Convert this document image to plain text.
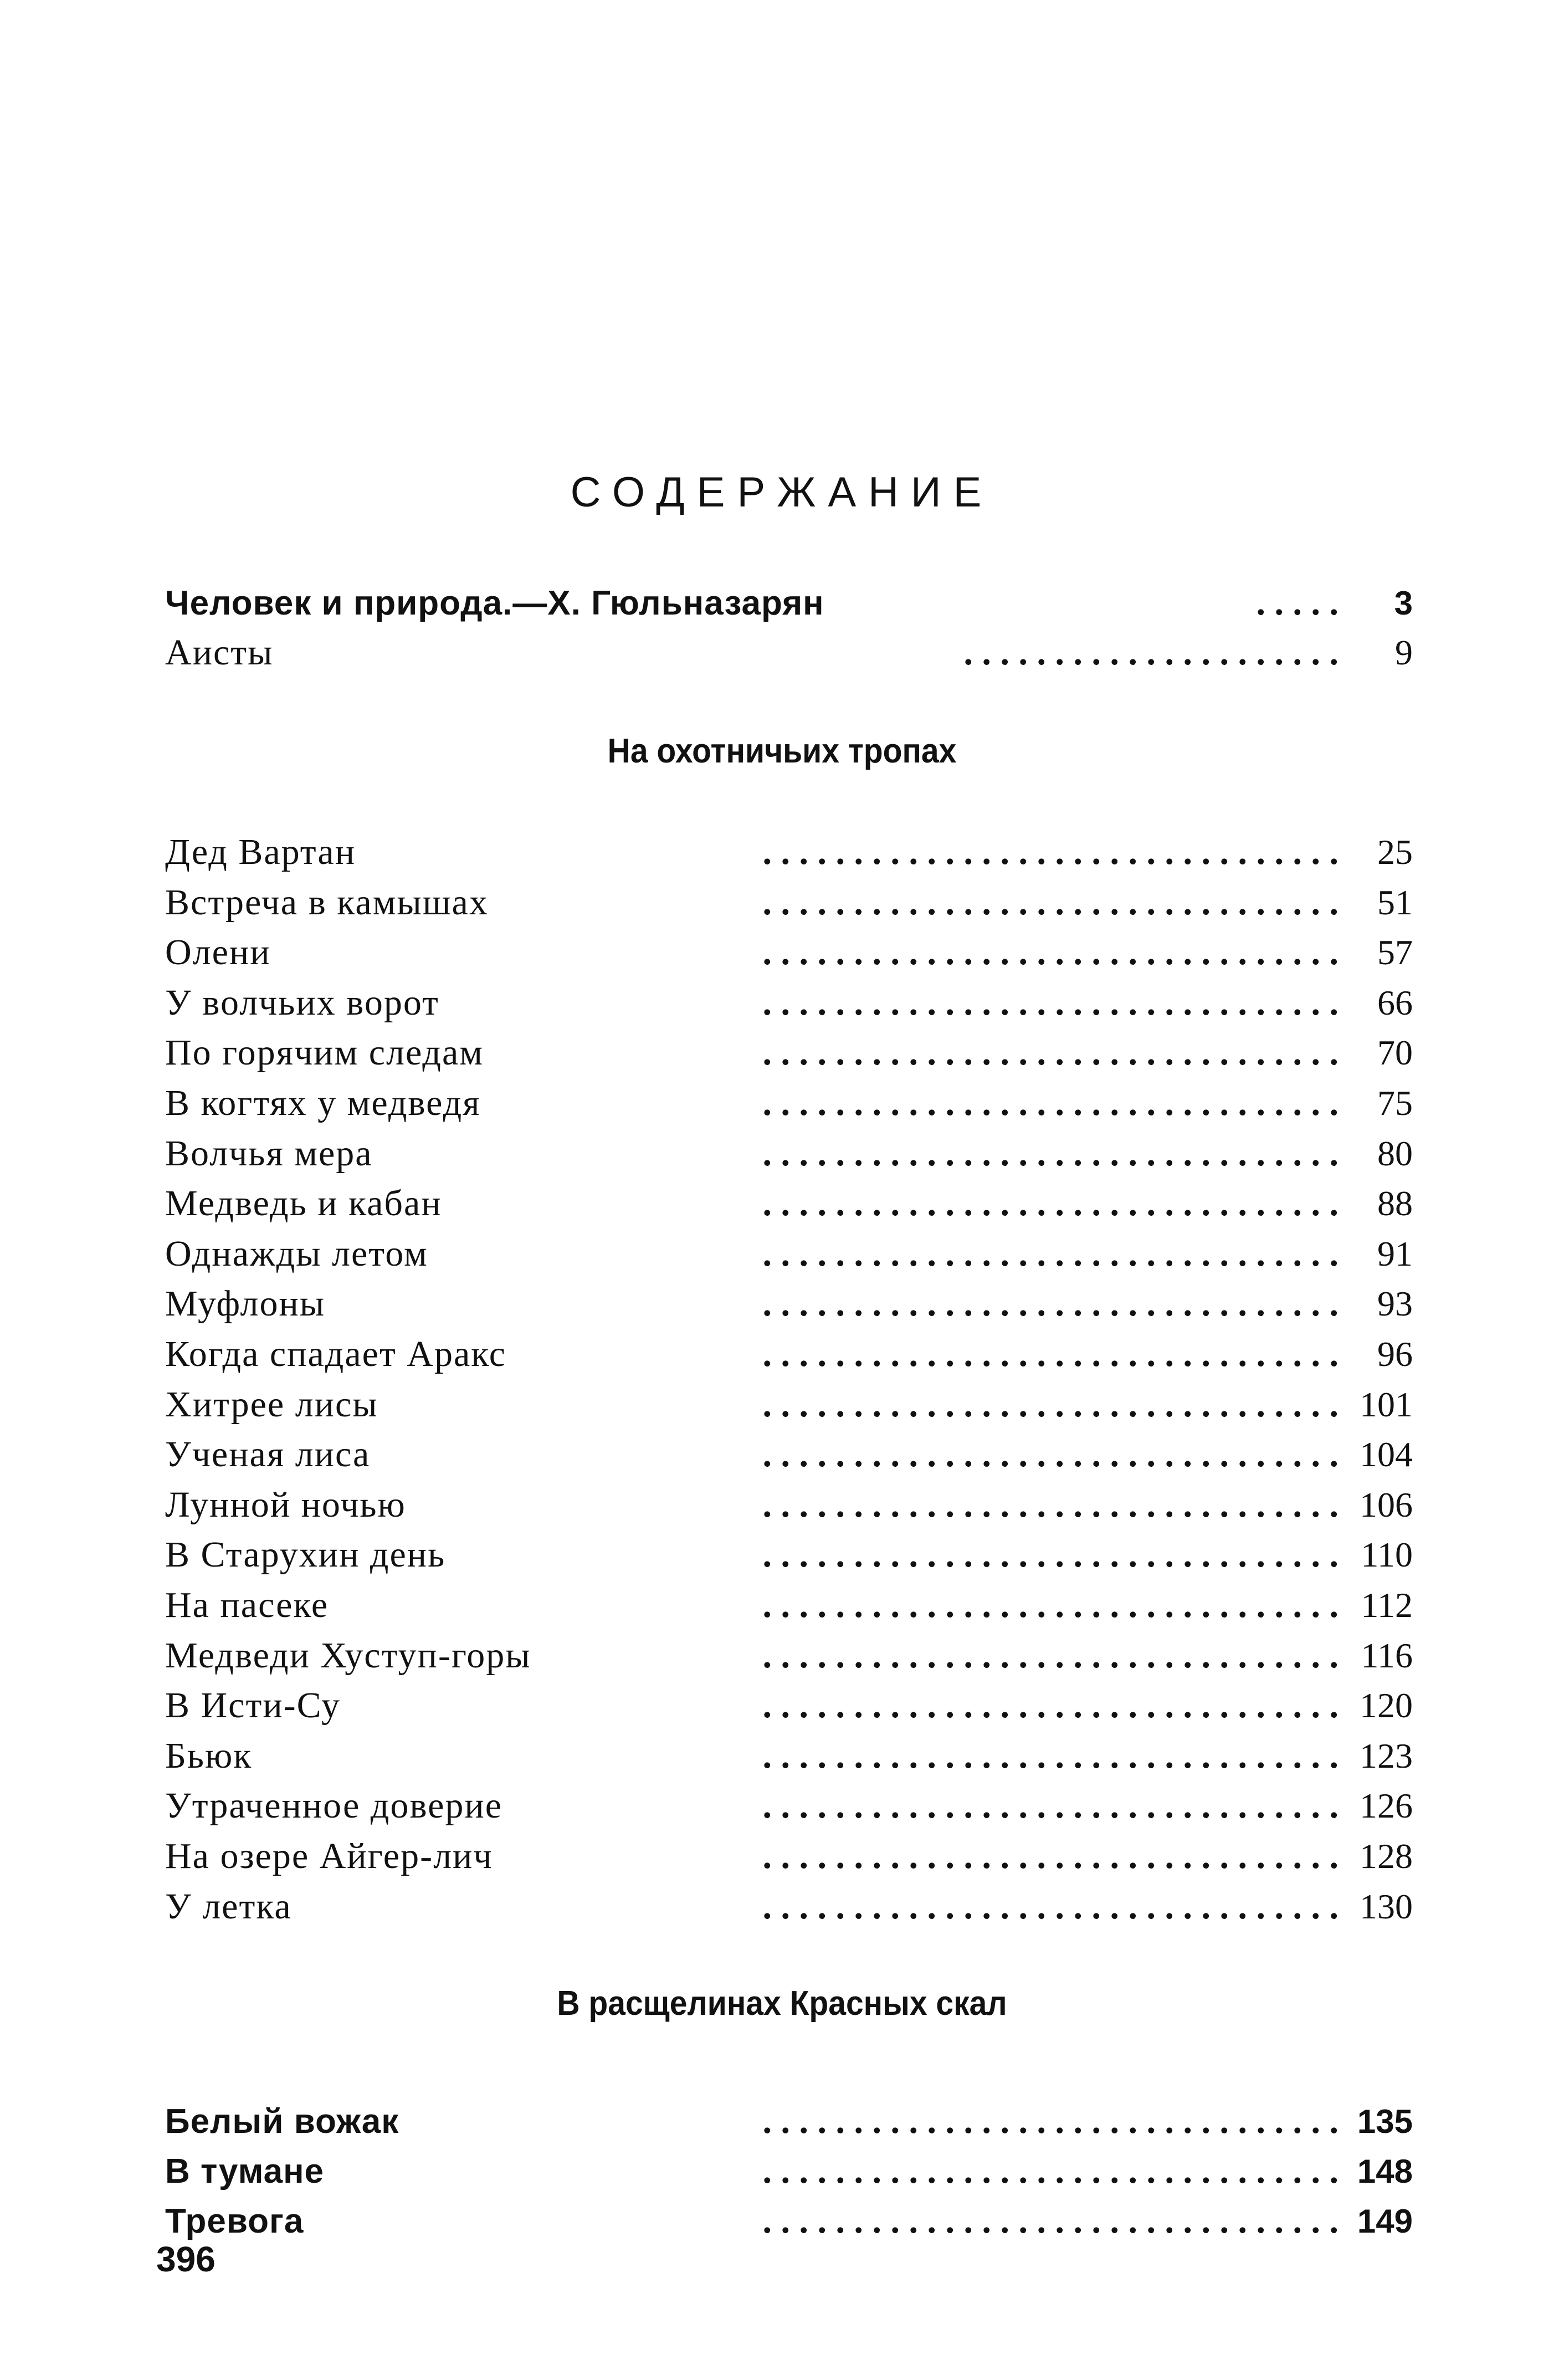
СОДЕРЖАНИЕ
Человек и природа.—Х. Гюльназарян	. . . . .	3
Аисты	. . . . . . . . . . . . . . . . . . . . .	9
На охотничьих тропах
Дед Вартан	. . . . . . . . . . . . . . . . . . . . . . . . . . . . . . . .	25
Встреча в камышах	. . . . . . . . . . . . . . . . . . . . . . . . . . . . . . . .	51
Олени	. . . . . . . . . . . . . . . . . . . . . . . . . . . . . . . .	57
У волчьих ворот	. . . . . . . . . . . . . . . . . . . . . . . . . . . . . . . .	66
По горячим следам	. . . . . . . . . . . . . . . . . . . . . . . . . . . . . . . .	70
В когтях у медведя	. . . . . . . . . . . . . . . . . . . . . . . . . . . . . . . .	75
Волчья мера	. . . . . . . . . . . . . . . . . . . . . . . . . . . . . . . .	80
Медведь и кабан	. . . . . . . . . . . . . . . . . . . . . . . . . . . . . . . .	88
Однажды летом	. . . . . . . . . . . . . . . . . . . . . . . . . . . . . . . .	91
Муфлоны	. . . . . . . . . . . . . . . . . . . . . . . . . . . . . . . .	93
Когда спадает Аракс	. . . . . . . . . . . . . . . . . . . . . . . . . . . . . . . .	96
Хитрее лисы	. . . . . . . . . . . . . . . . . . . . . . . . . . . . . . . . 101
Ученая лиса	. . . . . . . . . . . . . . . . . . . . . . . . . . . . . . . . 104
Лунной ночью	. . . . . . . . . . . . . . . . . . . . . . . . . . . . . . . . 106
В Старухин день	. . . . . . . . . . . . . . . . . . . . . . . . . . . . . . . . 110
На пасеке	. . . . . . . . . . . . . . . . . . . . . . . . . . . . . . . . 112
Медведи Хуступ-горы	. . . . . . . . . . . . . . . . . . . . . . . . . . . . . . . . 116
В Исти-Су	. . . . . . . . . . . . . . . . . . . . . . . . . . . . . . . . 120
Бьюк	. . . . . . . . . . . . . . . . . . . . . . . . . . . . . . . . 123
Утраченное доверие	. . . . . . . . . . . . . . . . . . . . . . . . . . . . . . . . 126
На озере Айгер-лич	. . . . . . . . . . . . . . . . . . . . . . . . . . . . . . . . 128
У летка	. . . . . . . . . . . . . . . . . . . . . . . . . . . . . . . . 130
В расщелинах Красных скал
Белый вожак	. . . . . . . . . . . . . . . . . . . . . . . . . . . . . . . . 135
В тумане	. . . . . . . . . . . . . . . . . . . . . . . . . . . . . . . . 148
Тревога	. . . . . . . . . . . . . . . . . . . . . . . . . . . . . . . . 149
396
